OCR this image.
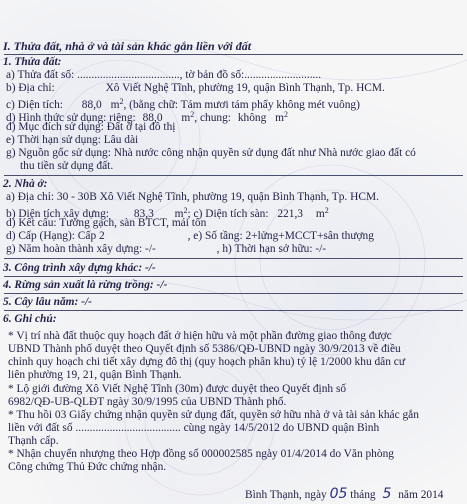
I. Thửa đất, nhà ở và tài sản khác gắn liền với đất
1. Thửa đất:
a) Thửa đất số: ...................................., tờ bản đồ số:...........................
b) Địa chỉ:	Xô Viết Nghệ Tĩnh, phường 19, quận Bình Thạnh, Tp. HCM.
c) Diện tích: 88,0 $m^2$, (bằng chữ: Tám mươi tám phẩy không mét vuông)
d) Hình thức sử dụng: riêng: 88,0 $m^2$, chung: không $m^2$
đ) Mục đích sử dụng: Đất ở tại đô thị
e) Thời hạn sử dụng: Lâu dài
g) Nguồn gốc sử dụng: Nhà nước công nhận quyền sử dụng đất như Nhà nước giao đất có
thu tiền sử dụng đất.
2. Nhà ở:
a) Địa chỉ: 30 - 30B Xô Viết Nghệ Tĩnh, phường 19, quận Bình Thạnh, Tp. HCM.
b) Diện tích xây dựng: 83,3 $m^2$; c) Diện tích sàn: 221,3 $m^2$
d) Kết cấu: Tường gạch, sàn BTCT, mái tôn
d) Cấp (Hạng): Cấp 2	, e) Số tầng: 2+lửng+MCCT+sân thượng
g) Năm hoàn thành xây dựng: -/-	, h) Thời hạn sở hữu: -/-
3. Công trình xây dựng khác: -/-
4. Rừng sản xuất là rừng trồng: -/-
5. Cây lâu năm: -/-
6. Ghi chú:
* Vị trí nhà đất thuộc quy hoạch đất ở hiện hữu và một phần đường giao thông được
UBND Thành phố duyệt theo Quyết định số 5386/QĐ-UBND ngày 30/9/2013 về điều
chỉnh quy hoạch chi tiết xây dựng đô thị (quy hoạch phân khu) tỷ lệ 1/2000 khu dân cư
liên phường 19, 21, quận Bình Thạnh.
* Lộ giới đường Xô Viết Nghệ Tĩnh (30m) được duyệt theo Quyết định số
6982/QĐ-UB-QLĐT ngày 30/9/1995 của UBND Thành phố.
* Thu hồi 03 Giấy chứng nhận quyền sử dụng đất, quyền sở hữu nhà ở và tài sản khác gắn
liền với đất số ..................................... cùng ngày 14/5/2012 do UBND quận Bình
Thạnh cấp.
* Nhận chuyển nhượng theo Hợp đồng số 000002585 ngày 01/4/2014 do Văn phòng
Công chứng Thủ Đức chứng nhận.
Bình Thạnh, ngày 05 tháng 5 năm 2014
